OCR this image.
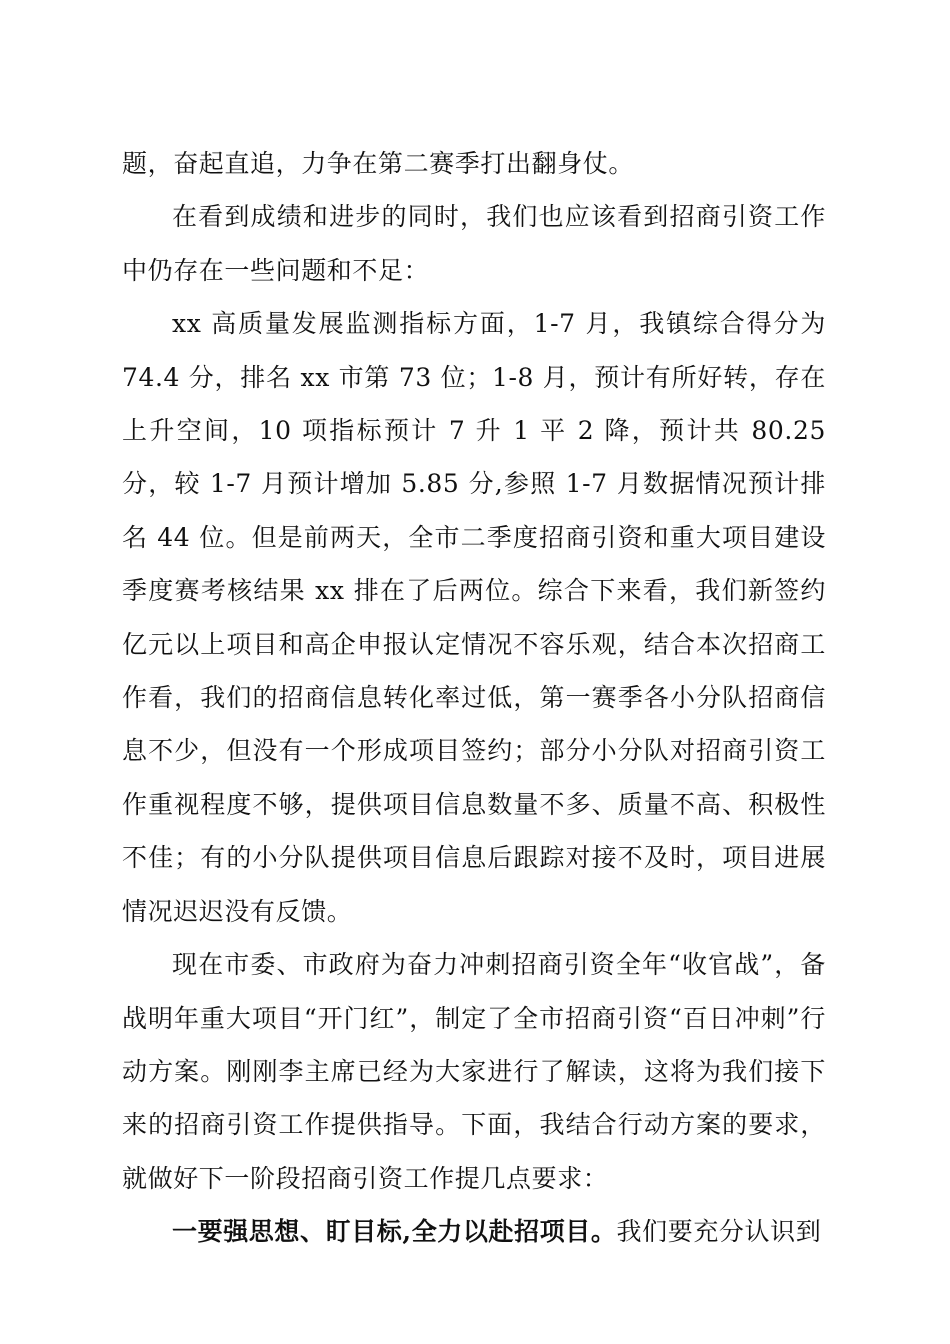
题，奋起直追，力争在第二赛季打出翻身仗。

在看到成绩和进步的同时，我们也应该看到招商引资工作中仍存在一些问题和不足：

xx 高质量发展监测指标方面，1-7 月，我镇综合得分为 74.4 分，排名 xx 市第 73 位；1-8 月，预计有所好转，存在上升空间，10 项指标预计 7 升 1 平 2 降，预计共 80.25 分，较 1-7 月预计增加 5.85 分,参照 1-7 月数据情况预计排名 44 位。但是前两天，全市二季度招商引资和重大项目建设季度赛考核结果 xx 排在了后两位。综合下来看，我们新签约亿元以上项目和高企申报认定情况不容乐观，结合本次招商工作看，我们的招商信息转化率过低，第一赛季各小分队招商信息不少，但没有一个形成项目签约；部分小分队对招商引资工作重视程度不够，提供项目信息数量不多、质量不高、积极性不佳；有的小分队提供项目信息后跟踪对接不及时，项目进展情况迟迟没有反馈。

现在市委、市政府为奋力冲刺招商引资全年“收官战”，备战明年重大项目“开门红”，制定了全市招商引资“百日冲刺”行动方案。刚刚李主席已经为大家进行了解读，这将为我们接下来的招商引资工作提供指导。下面，我结合行动方案的要求，就做好下一阶段招商引资工作提几点要求：

一要强思想、盯目标,全力以赴招项目。我们要充分认识到
